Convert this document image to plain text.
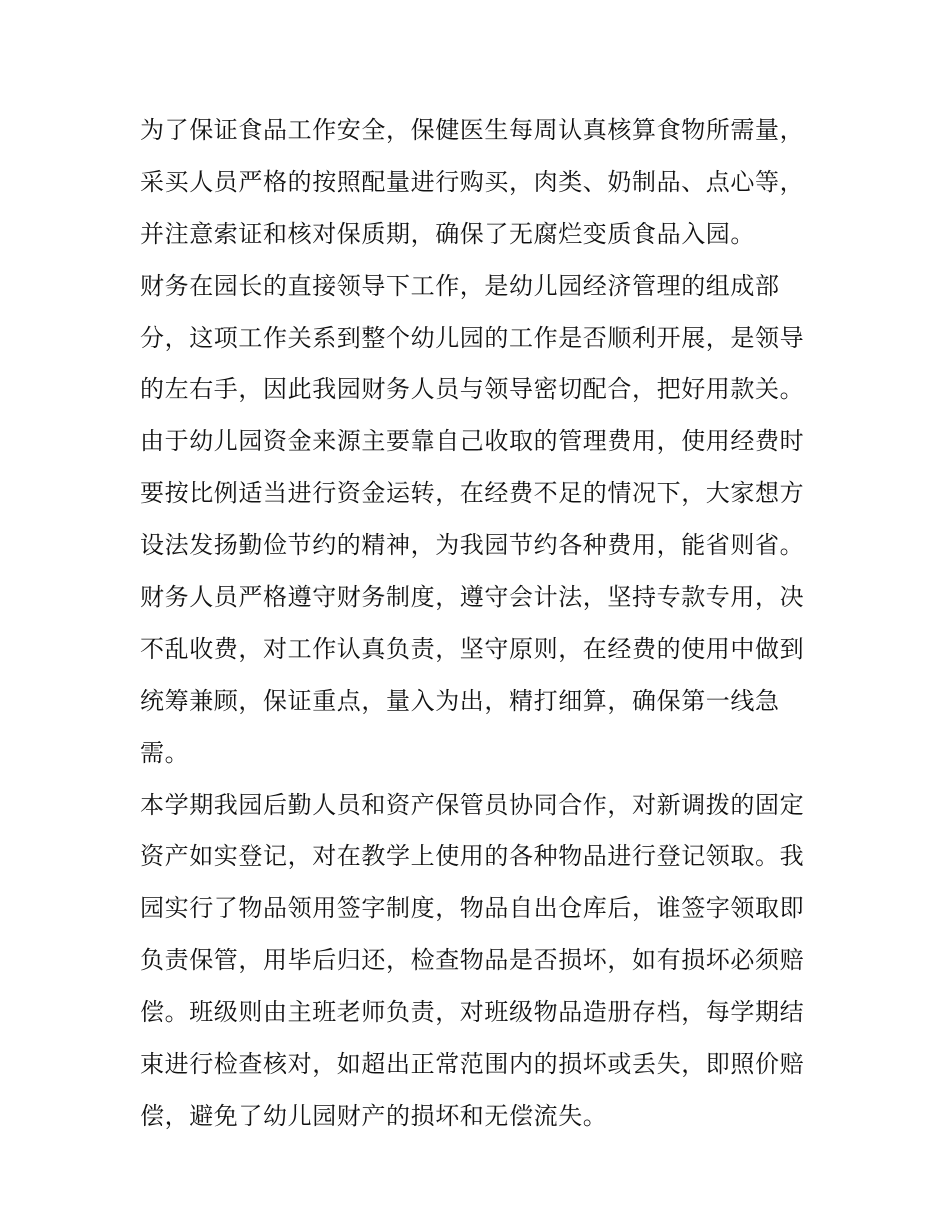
为了保证食品工作安全，保健医生每周认真核算食物所需量，
采买人员严格的按照配量进行购买，肉类、奶制品、点心等，
并注意索证和核对保质期，确保了无腐烂变质食品入园。
财务在园长的直接领导下工作，是幼儿园经济管理的组成部
分，这项工作关系到整个幼儿园的工作是否顺利开展，是领导
的左右手，因此我园财务人员与领导密切配合，把好用款关。
由于幼儿园资金来源主要靠自己收取的管理费用，使用经费时
要按比例适当进行资金运转，在经费不足的情况下，大家想方
设法发扬勤俭节约的精神，为我园节约各种费用，能省则省。
财务人员严格遵守财务制度，遵守会计法，坚持专款专用，决
不乱收费，对工作认真负责，坚守原则，在经费的使用中做到
统筹兼顾，保证重点，量入为出，精打细算，确保第一线急
需。
本学期我园后勤人员和资产保管员协同合作，对新调拨的固定
资产如实登记，对在教学上使用的各种物品进行登记领取。我
园实行了物品领用签字制度，物品自出仓库后，谁签字领取即
负责保管，用毕后归还，检查物品是否损坏，如有损坏必须赔
偿。班级则由主班老师负责，对班级物品造册存档，每学期结
束进行检查核对，如超出正常范围内的损坏或丢失，即照价赔
偿，避免了幼儿园财产的损坏和无偿流失。
